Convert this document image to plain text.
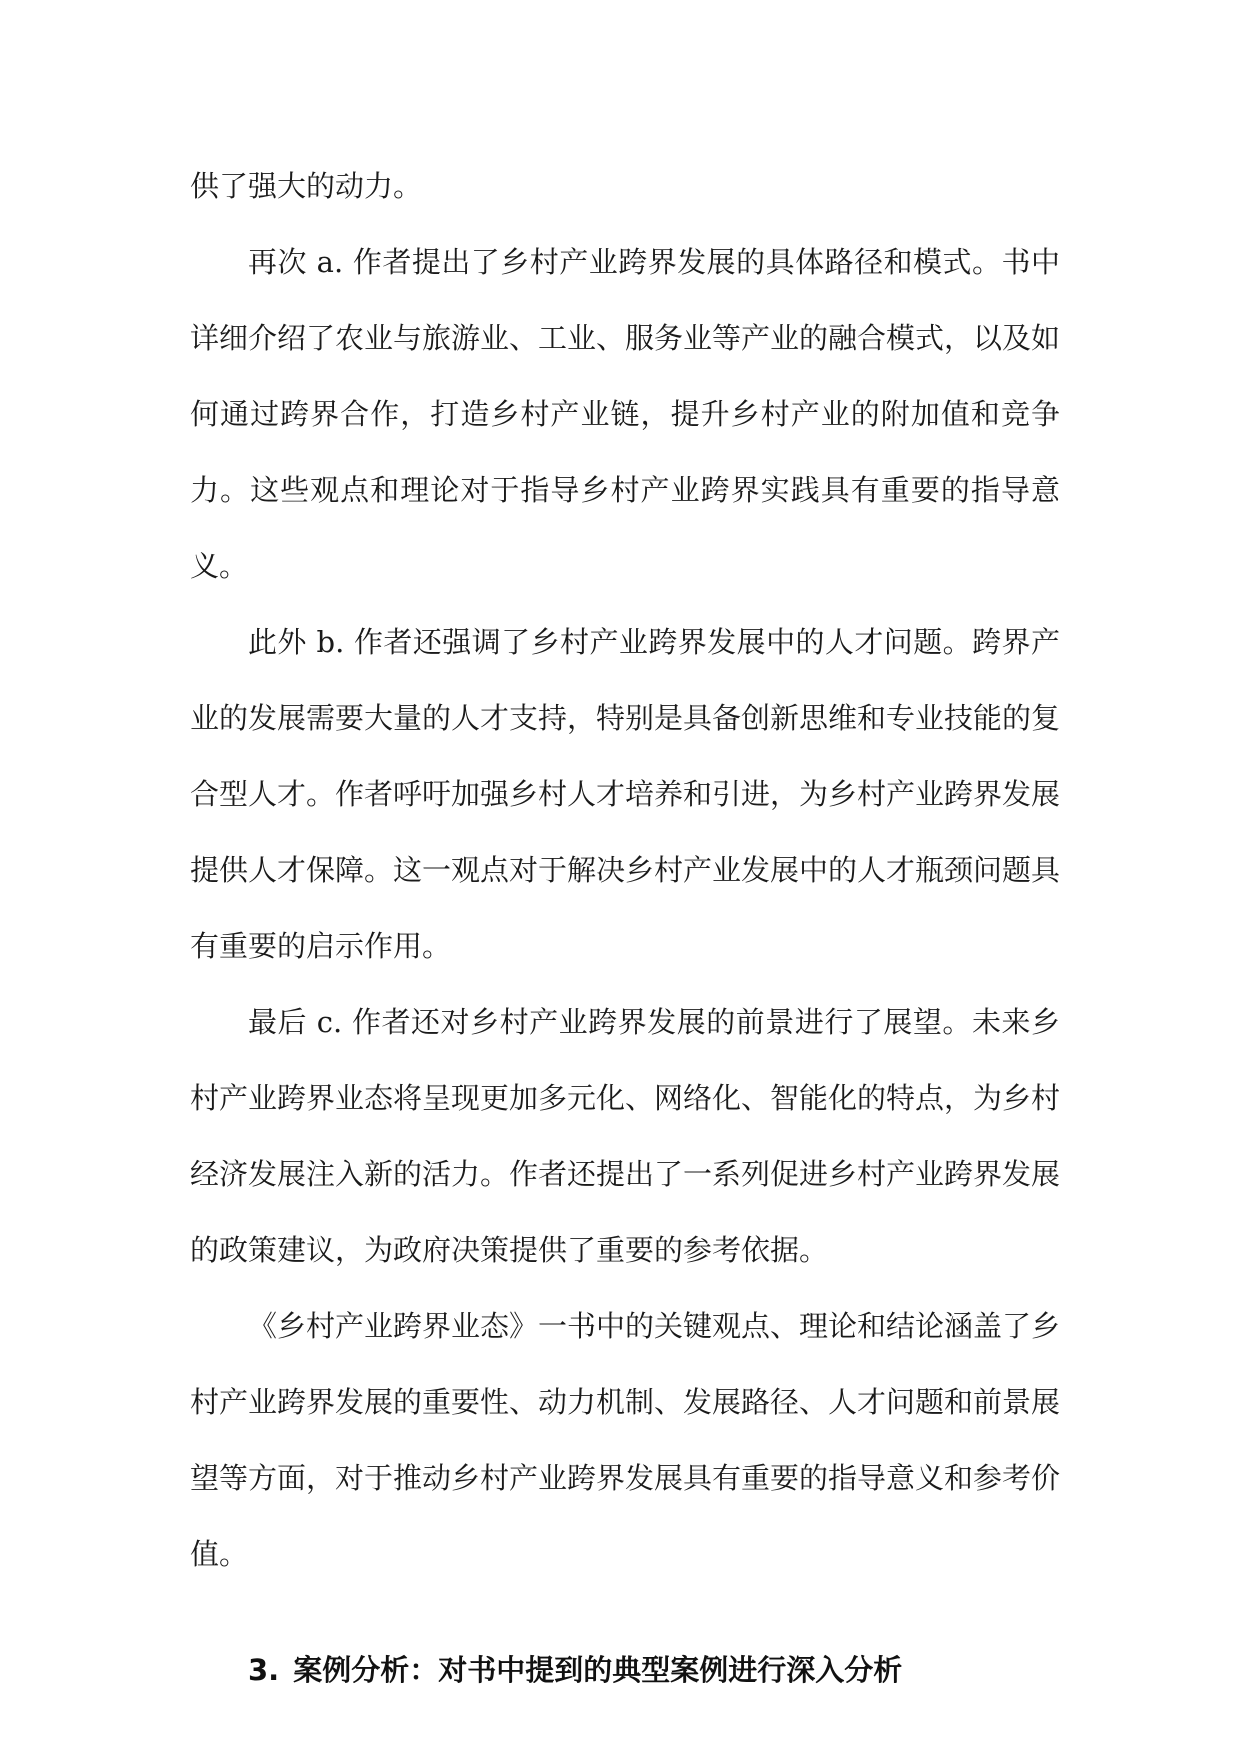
供了强大的动力。

再次 a. 作者提出了乡村产业跨界发展的具体路径和模式。书中详细介绍了农业与旅游业、工业、服务业等产业的融合模式，以及如何通过跨界合作，打造乡村产业链，提升乡村产业的附加值和竞争力。这些观点和理论对于指导乡村产业跨界实践具有重要的指导意义。

此外 b. 作者还强调了乡村产业跨界发展中的人才问题。跨界产业的发展需要大量的人才支持，特别是具备创新思维和专业技能的复合型人才。作者呼吁加强乡村人才培养和引进，为乡村产业跨界发展提供人才保障。这一观点对于解决乡村产业发展中的人才瓶颈问题具有重要的启示作用。

最后 c. 作者还对乡村产业跨界发展的前景进行了展望。未来乡村产业跨界业态将呈现更加多元化、网络化、智能化的特点，为乡村经济发展注入新的活力。作者还提出了一系列促进乡村产业跨界发展的政策建议，为政府决策提供了重要的参考依据。

《乡村产业跨界业态》一书中的关键观点、理论和结论涵盖了乡村产业跨界发展的重要性、动力机制、发展路径、人才问题和前景展望等方面，对于推动乡村产业跨界发展具有重要的指导意义和参考价值。

3. 案例分析：对书中提到的典型案例进行深入分析
